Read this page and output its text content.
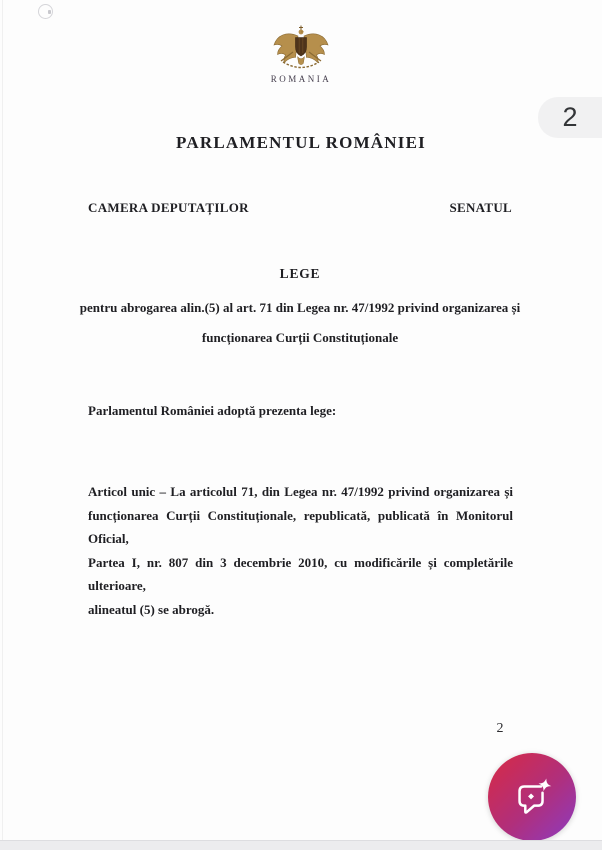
ROMANIA
PARLAMENTUL ROMÂNIEI
CAMERA DEPUTAȚILOR	SENATUL
LEGE
pentru abrogarea alin.(5) al art. 71 din Legea nr. 47/1992 privind organizarea și
funcționarea Curții Constituționale
Parlamentul României adoptă prezenta lege:
Articol unic – La articolul 71, din Legea nr. 47/1992 privind organizarea și
funcționarea Curții Constituționale, republicată, publicată în Monitorul Oficial,
Partea I, nr. 807 din 3 decembrie 2010, cu modificările și completările ulterioare,
alineatul (5) se abrogă.
2
2
